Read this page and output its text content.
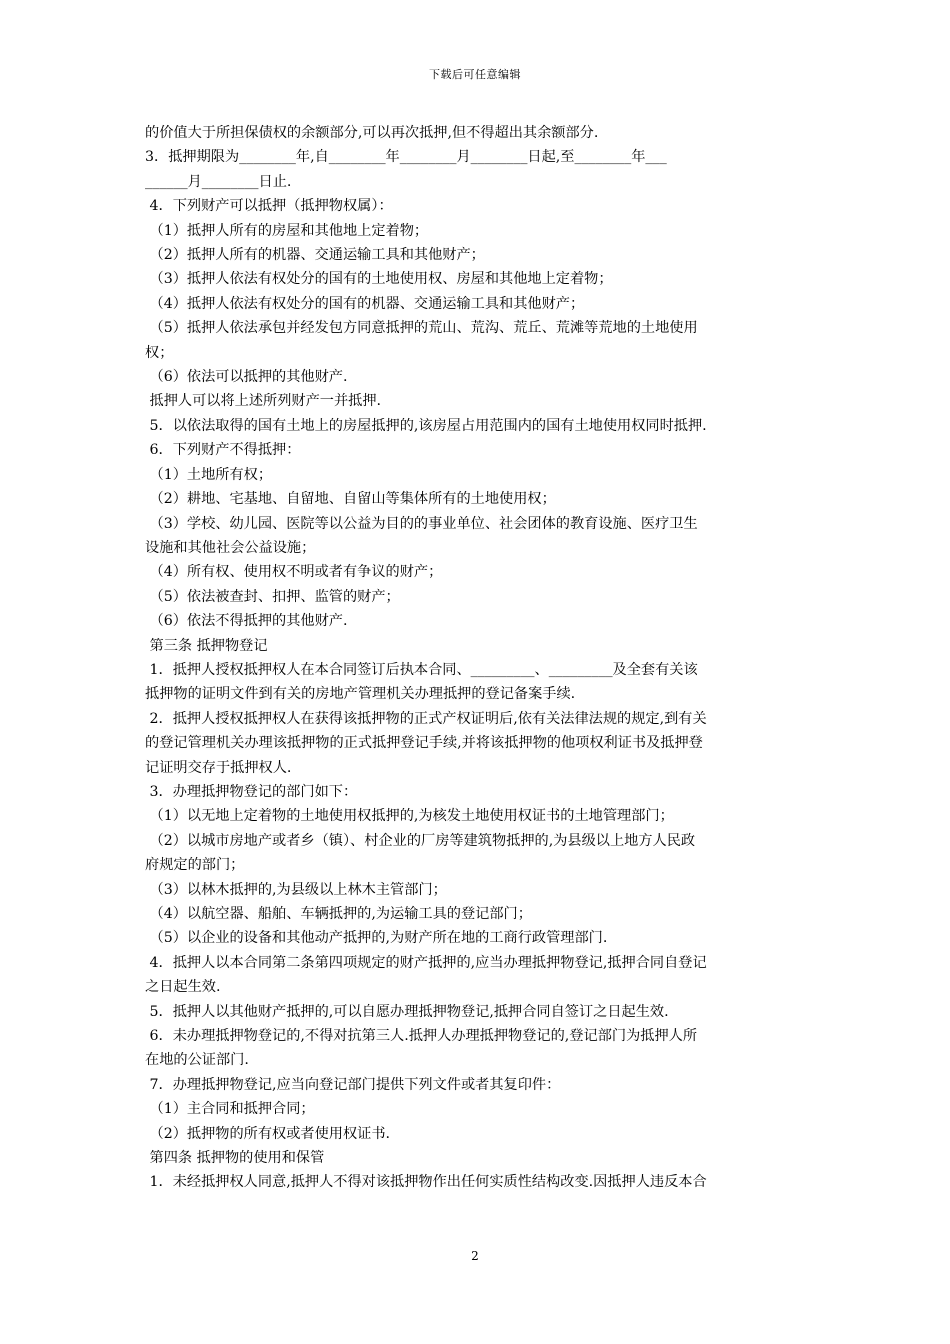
下载后可任意编辑

的价值大于所担保债权的余额部分,可以再次抵押,但不得超出其余额部分.

3．抵押期限为________年,自________年________月________日起,至________年___

______月________日止.

4．下列财产可以抵押（抵押物权属）：

（1）抵押人所有的房屋和其他地上定着物；

（2）抵押人所有的机器、交通运输工具和其他财产；

（3）抵押人依法有权处分的国有的土地使用权、房屋和其他地上定着物；

（4）抵押人依法有权处分的国有的机器、交通运输工具和其他财产；

（5）抵押人依法承包并经发包方同意抵押的荒山、荒沟、荒丘、荒滩等荒地的土地使用

权；

（6）依法可以抵押的其他财产.

抵押人可以将上述所列财产一并抵押.

5．以依法取得的国有土地上的房屋抵押的,该房屋占用范围内的国有土地使用权同时抵押.

6．下列财产不得抵押：

（1）土地所有权；

（2）耕地、宅基地、自留地、自留山等集体所有的土地使用权；

（3）学校、幼儿园、医院等以公益为目的的事业单位、社会团体的教育设施、医疗卫生

设施和其他社会公益设施；

（4）所有权、使用权不明或者有争议的财产；

（5）依法被查封、扣押、监管的财产；

（6）依法不得抵押的其他财产.

第三条 抵押物登记

1．抵押人授权抵押权人在本合同签订后执本合同、_________、_________及全套有关该

抵押物的证明文件到有关的房地产管理机关办理抵押的登记备案手续.

2．抵押人授权抵押权人在获得该抵押物的正式产权证明后,依有关法律法规的规定,到有关

的登记管理机关办理该抵押物的正式抵押登记手续,并将该抵押物的他项权利证书及抵押登

记证明交存于抵押权人.

3．办理抵押物登记的部门如下：

（1）以无地上定着物的土地使用权抵押的,为核发土地使用权证书的土地管理部门；

（2）以城市房地产或者乡（镇）、村企业的厂房等建筑物抵押的,为县级以上地方人民政

府规定的部门；

（3）以林木抵押的,为县级以上林木主管部门；

（4）以航空器、船舶、车辆抵押的,为运输工具的登记部门；

（5）以企业的设备和其他动产抵押的,为财产所在地的工商行政管理部门.

4．抵押人以本合同第二条第四项规定的财产抵押的,应当办理抵押物登记,抵押合同自登记

之日起生效.

5．抵押人以其他财产抵押的,可以自愿办理抵押物登记,抵押合同自签订之日起生效.

6．未办理抵押物登记的,不得对抗第三人.抵押人办理抵押物登记的,登记部门为抵押人所

在地的公证部门.

7．办理抵押物登记,应当向登记部门提供下列文件或者其复印件：

（1）主合同和抵押合同；

（2）抵押物的所有权或者使用权证书.

第四条 抵押物的使用和保管

1．未经抵押权人同意,抵押人不得对该抵押物作出任何实质性结构改变.因抵押人违反本合

2
